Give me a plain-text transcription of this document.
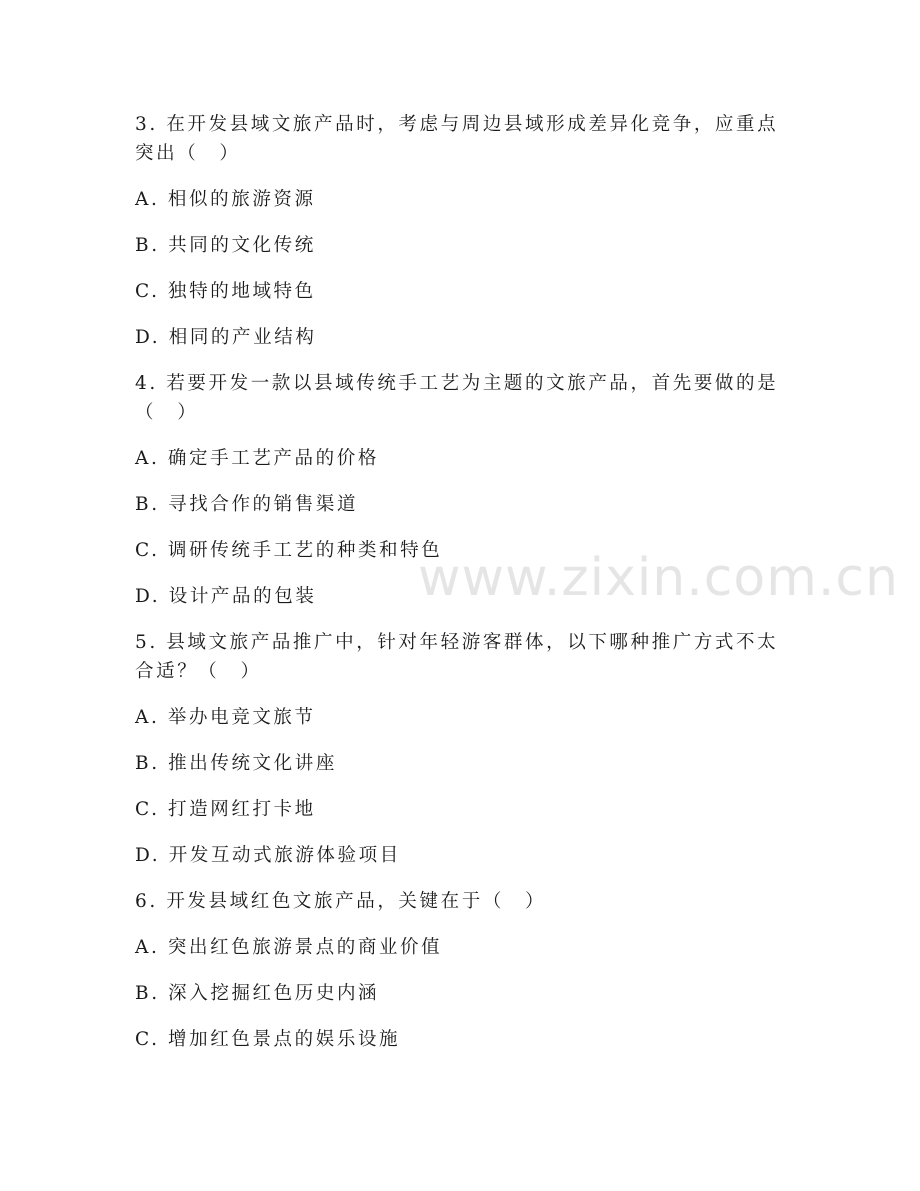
3. 在开发县域文旅产品时，考虑与周边县域形成差异化竞争，应重点
突出（　）
A. 相似的旅游资源
B. 共同的文化传统
C. 独特的地域特色
D. 相同的产业结构
4. 若要开发一款以县域传统手工艺为主题的文旅产品，首先要做的是
（　）
A. 确定手工艺产品的价格
B. 寻找合作的销售渠道
C. 调研传统手工艺的种类和特色
D. 设计产品的包装
5. 县域文旅产品推广中，针对年轻游客群体，以下哪种推广方式不太
合适？（　）
A. 举办电竞文旅节
B. 推出传统文化讲座
C. 打造网红打卡地
D. 开发互动式旅游体验项目
6. 开发县域红色文旅产品，关键在于（　）
A. 突出红色旅游景点的商业价值
B. 深入挖掘红色历史内涵
C. 增加红色景点的娱乐设施
www.zixin.com.cn
